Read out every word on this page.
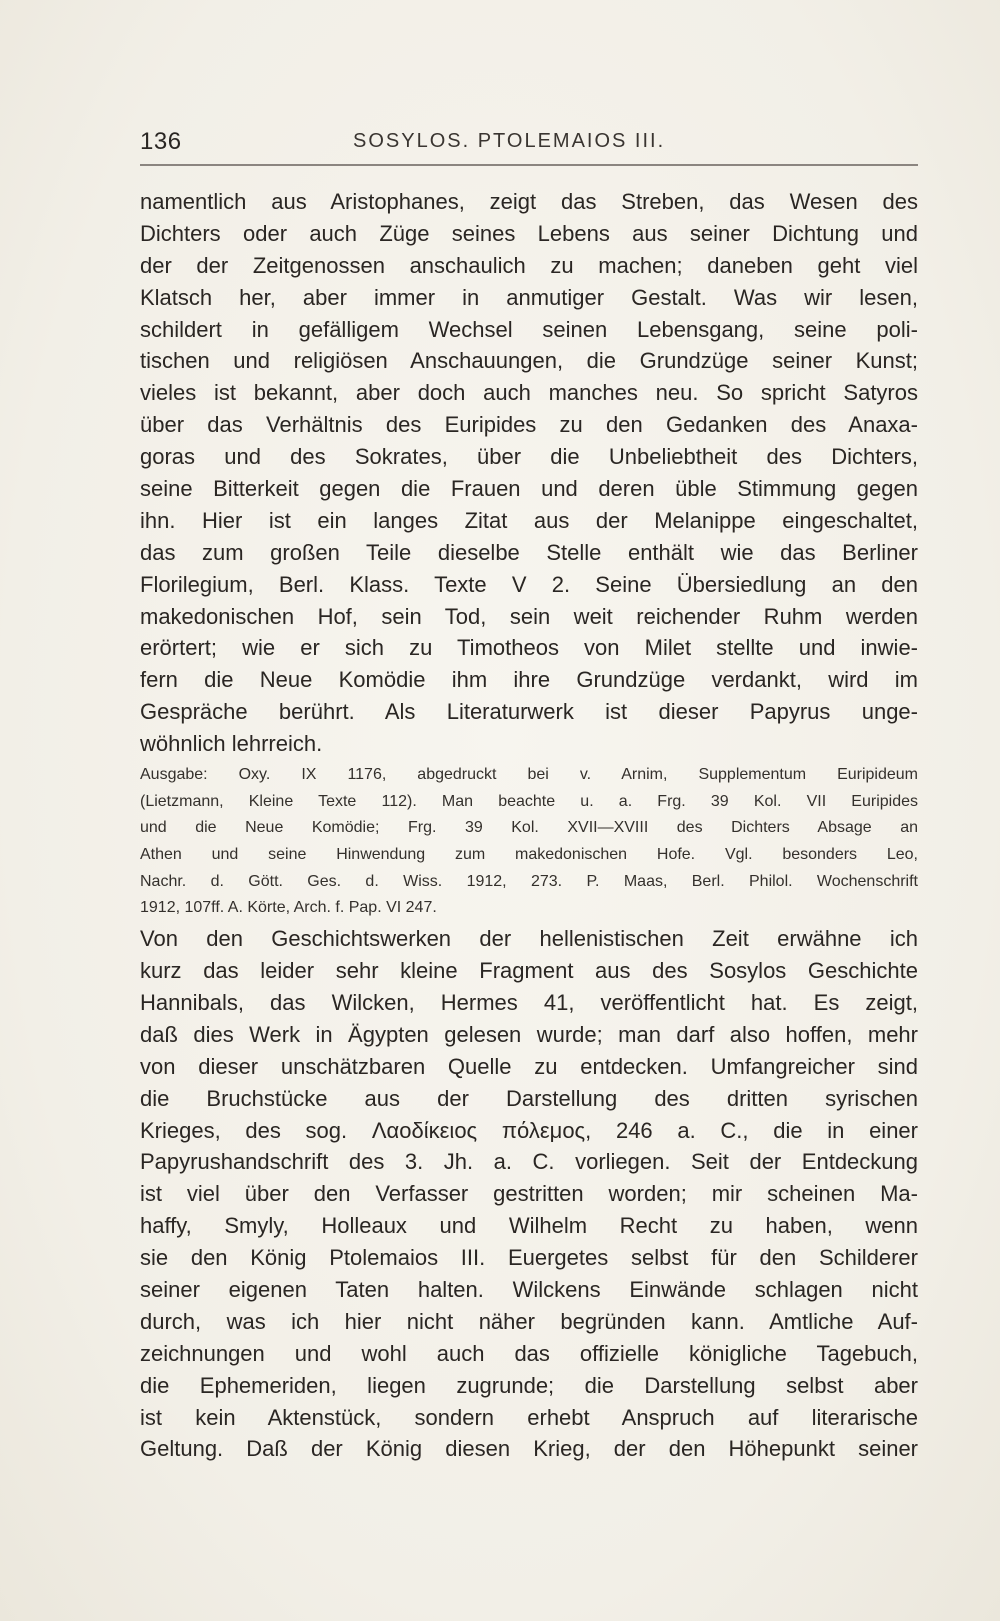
136	SOSYLOS. PTOLEMAIOS III.
namentlich aus Aristophanes, zeigt das Streben, das Wesen des
Dichters oder auch Züge seines Lebens aus seiner Dichtung und
der der Zeitgenossen anschaulich zu machen; daneben geht viel
Klatsch her, aber immer in anmutiger Gestalt. Was wir lesen,
schildert in gefälligem Wechsel seinen Lebensgang, seine poli-
tischen und religiösen Anschauungen, die Grundzüge seiner Kunst;
vieles ist bekannt, aber doch auch manches neu. So spricht Satyros
über das Verhältnis des Euripides zu den Gedanken des Anaxa-
goras und des Sokrates, über die Unbeliebtheit des Dichters,
seine Bitterkeit gegen die Frauen und deren üble Stimmung gegen
ihn. Hier ist ein langes Zitat aus der Melanippe eingeschaltet,
das zum großen Teile dieselbe Stelle enthält wie das Berliner
Florilegium, Berl. Klass. Texte V 2. Seine Übersiedlung an den
makedonischen Hof, sein Tod, sein weit reichender Ruhm werden
erörtert; wie er sich zu Timotheos von Milet stellte und inwie-
fern die Neue Komödie ihm ihre Grundzüge verdankt, wird im
Gespräche berührt. Als Literaturwerk ist dieser Papyrus unge-
wöhnlich lehrreich.
Ausgabe: Oxy. IX 1176, abgedruckt bei v. Arnim, Supplementum Euripideum
(Lietzmann, Kleine Texte 112). Man beachte u. a. Frg. 39 Kol. VII Euripides
und die Neue Komödie; Frg. 39 Kol. XVII—XVIII des Dichters Absage an
Athen und seine Hinwendung zum makedonischen Hofe. Vgl. besonders Leo,
Nachr. d. Gött. Ges. d. Wiss. 1912, 273. P. Maas, Berl. Philol. Wochenschrift
1912, 107ff. A. Körte, Arch. f. Pap. VI 247.
Von den Geschichtswerken der hellenistischen Zeit erwähne ich
kurz das leider sehr kleine Fragment aus des Sosylos Geschichte
Hannibals, das Wilcken, Hermes 41, veröffentlicht hat. Es zeigt,
daß dies Werk in Ägypten gelesen wurde; man darf also hoffen, mehr
von dieser unschätzbaren Quelle zu entdecken. Umfangreicher sind
die Bruchstücke aus der Darstellung des dritten syrischen
Krieges, des sog. Λαοδίκειος πόλεμος, 246 a. C., die in einer
Papyrushandschrift des 3. Jh. a. C. vorliegen. Seit der Entdeckung
ist viel über den Verfasser gestritten worden; mir scheinen Ma-
haffy, Smyly, Holleaux und Wilhelm Recht zu haben, wenn
sie den König Ptolemaios III. Euergetes selbst für den Schilderer
seiner eigenen Taten halten. Wilckens Einwände schlagen nicht
durch, was ich hier nicht näher begründen kann. Amtliche Auf-
zeichnungen und wohl auch das offizielle königliche Tagebuch,
die Ephemeriden, liegen zugrunde; die Darstellung selbst aber
ist kein Aktenstück, sondern erhebt Anspruch auf literarische
Geltung. Daß der König diesen Krieg, der den Höhepunkt seiner
